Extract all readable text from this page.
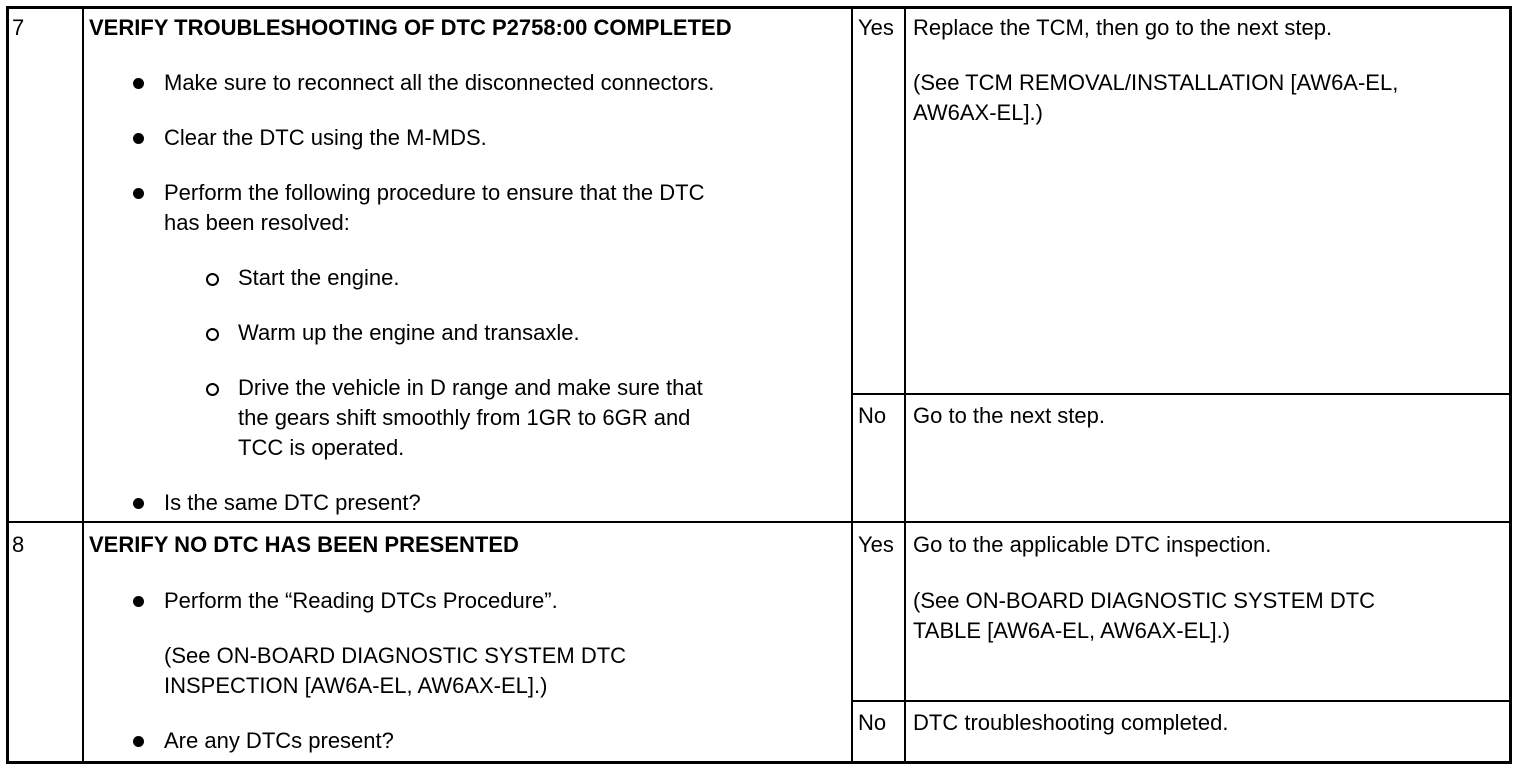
7	VERIFY TROUBLESHOOTING OF DTC P2758:00 COMPLETED
Make sure to reconnect all the disconnected connectors.
Clear the DTC using the M-MDS.
Perform the following procedure to ensure that the DTC
has been resolved:
Start the engine.
Warm up the engine and transaxle.
Drive the vehicle in D range and make sure that
the gears shift smoothly from 1GR to 6GR and
TCC is operated.
Is the same DTC present?
Yes Replace the TCM, then go to the next step.
(See TCM REMOVAL/INSTALLATION [AW6A-EL,
AW6AX-EL].)
No Go to the next step.
8	VERIFY NO DTC HAS BEEN PRESENTED
Perform the “Reading DTCs Procedure”.
(See ON-BOARD DIAGNOSTIC SYSTEM DTC
INSPECTION [AW6A-EL, AW6AX-EL].)
Are any DTCs present?
Yes Go to the applicable DTC inspection.
(See ON-BOARD DIAGNOSTIC SYSTEM DTC
TABLE [AW6A-EL, AW6AX-EL].)
No DTC troubleshooting completed.
